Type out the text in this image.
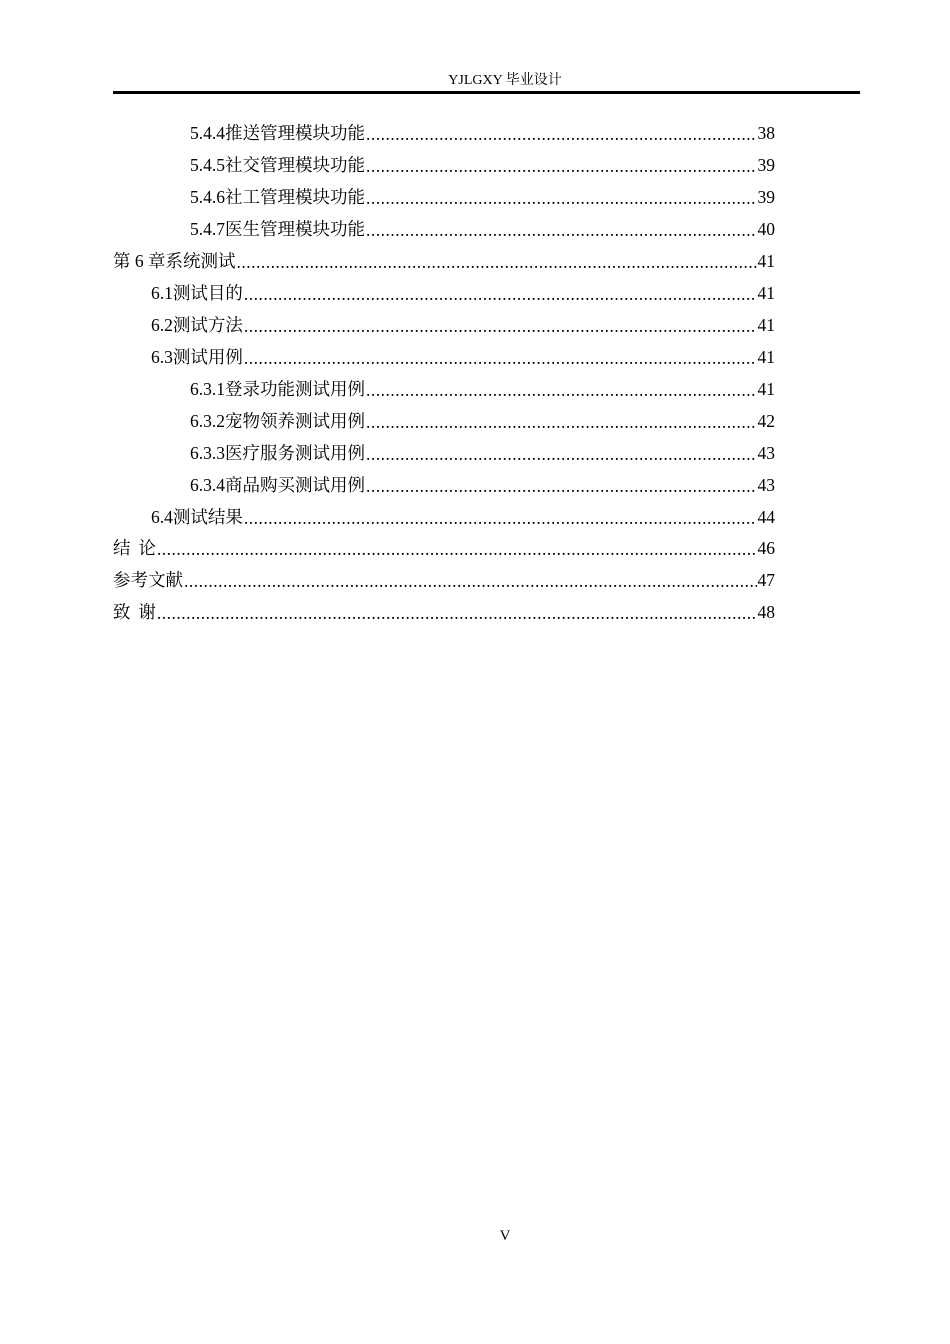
YJLGXY 毕业设计
5.4.4 推送管理模块功能 .....	38
5.4.5 社交管理模块功能 .....	39
5.4.6 社工管理模块功能 .....	39
5.4.7 医生管理模块功能 .....	40
第 6 章 系统测试 .....	41
6.1 测试目的 .....	41
6.2 测试方法 .....	41
6.3 测试用例 .....	41
6.3.1 登录功能测试用例 .....	41
6.3.2 宠物领养测试用例 .....	42
6.3.3 医疗服务测试用例 .....	43
6.3.4 商品购买测试用例 .....	43
6.4 测试结果 .....	44
结 论 .....	46
参考文献 .....	47
致 谢 .....	48
V
